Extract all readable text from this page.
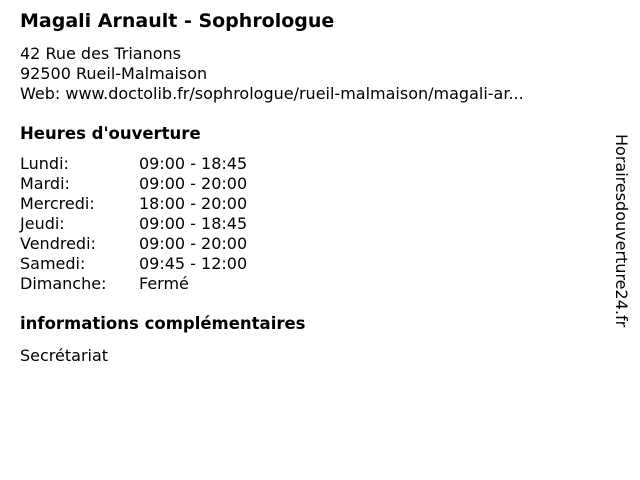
Magali Arnault - Sophrologue
42 Rue des Trianons
92500 Rueil-Malmaison
Web: www.doctolib.fr/sophrologue/rueil-malmaison/magali-ar...
Heures d'ouverture
Lundi:	09:00 - 18:45
Mardi:	09:00 - 20:00
Mercredi:	18:00 - 20:00
Jeudi:	09:00 - 18:45
Vendredi:	09:00 - 20:00
Samedi:	09:45 - 12:00
Dimanche: Fermé
informations complémentaires
Secrétariat
Horairesdouverture24.fr
